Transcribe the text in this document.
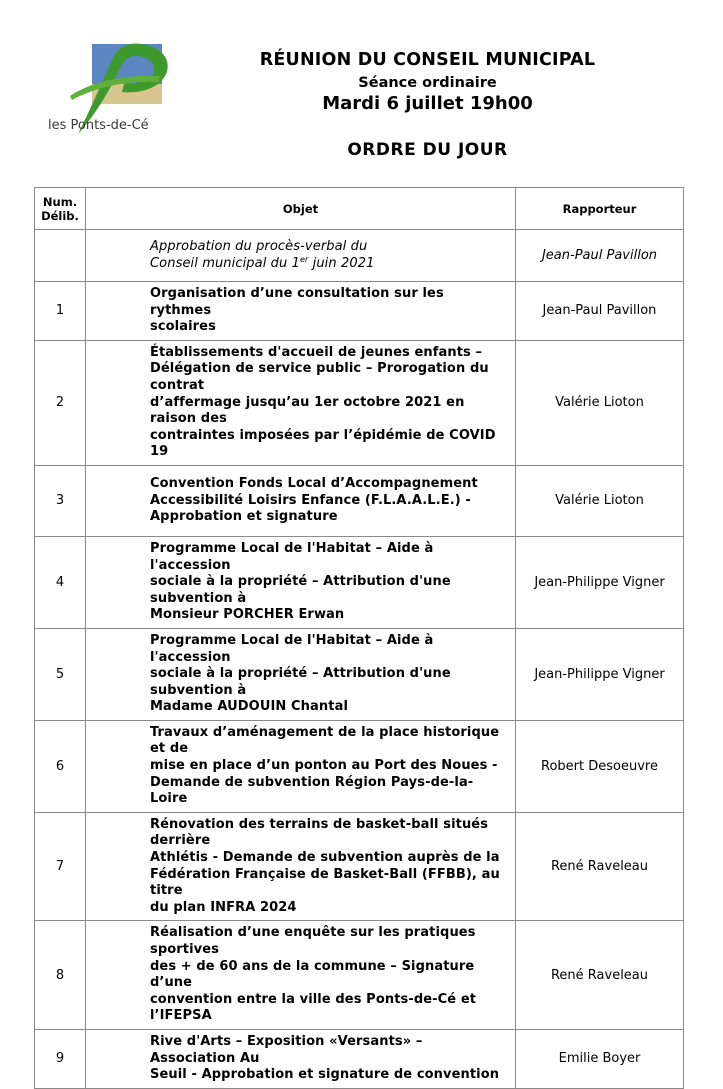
les Ponts-de-Cé
RÉUNION DU CONSEIL MUNICIPAL
Séance ordinaire
Mardi 6 juillet 19h00
ORDRE DU JOUR
Num.
Délib.	Objet	Rapporteur
	Approbation du procès-verbal du
Conseil municipal du 1er juin 2021	Jean-Paul Pavillon
1	Organisation d’une consultation sur les rythmes
scolaires	Jean-Paul Pavillon
2	Établissements d'accueil de jeunes enfants –
Délégation de service public – Prorogation du contrat
d’affermage jusqu’au 1er octobre 2021 en raison des
contraintes imposées par l’épidémie de COVID 19	Valérie Lioton
3	Convention Fonds Local d’Accompagnement
Accessibilité Loisirs Enfance (F.L.A.A.L.E.) -
Approbation et signature	Valérie Lioton
4	Programme Local de l'Habitat – Aide à l'accession
sociale à la propriété – Attribution d'une subvention à
Monsieur PORCHER Erwan	Jean-Philippe Vigner
5	Programme Local de l'Habitat – Aide à l'accession
sociale à la propriété – Attribution d'une subvention à
Madame AUDOUIN Chantal	Jean-Philippe Vigner
6	Travaux d’aménagement de la place historique et de
mise en place d’un ponton au Port des Noues -
Demande de subvention Région Pays-de-la-Loire	Robert Desoeuvre
7	Rénovation des terrains de basket-ball situés derrière
Athlétis - Demande de subvention auprès de la
Fédération Française de Basket-Ball (FFBB), au titre
du plan INFRA 2024	René Raveleau
8	Réalisation d’une enquête sur les pratiques sportives
des + de 60 ans de la commune – Signature d’une
convention entre la ville des Ponts-de-Cé et l’IFEPSA	René Raveleau
9	Rive d'Arts – Exposition «Versants» – Association Au
Seuil - Approbation et signature de convention	Emilie Boyer
